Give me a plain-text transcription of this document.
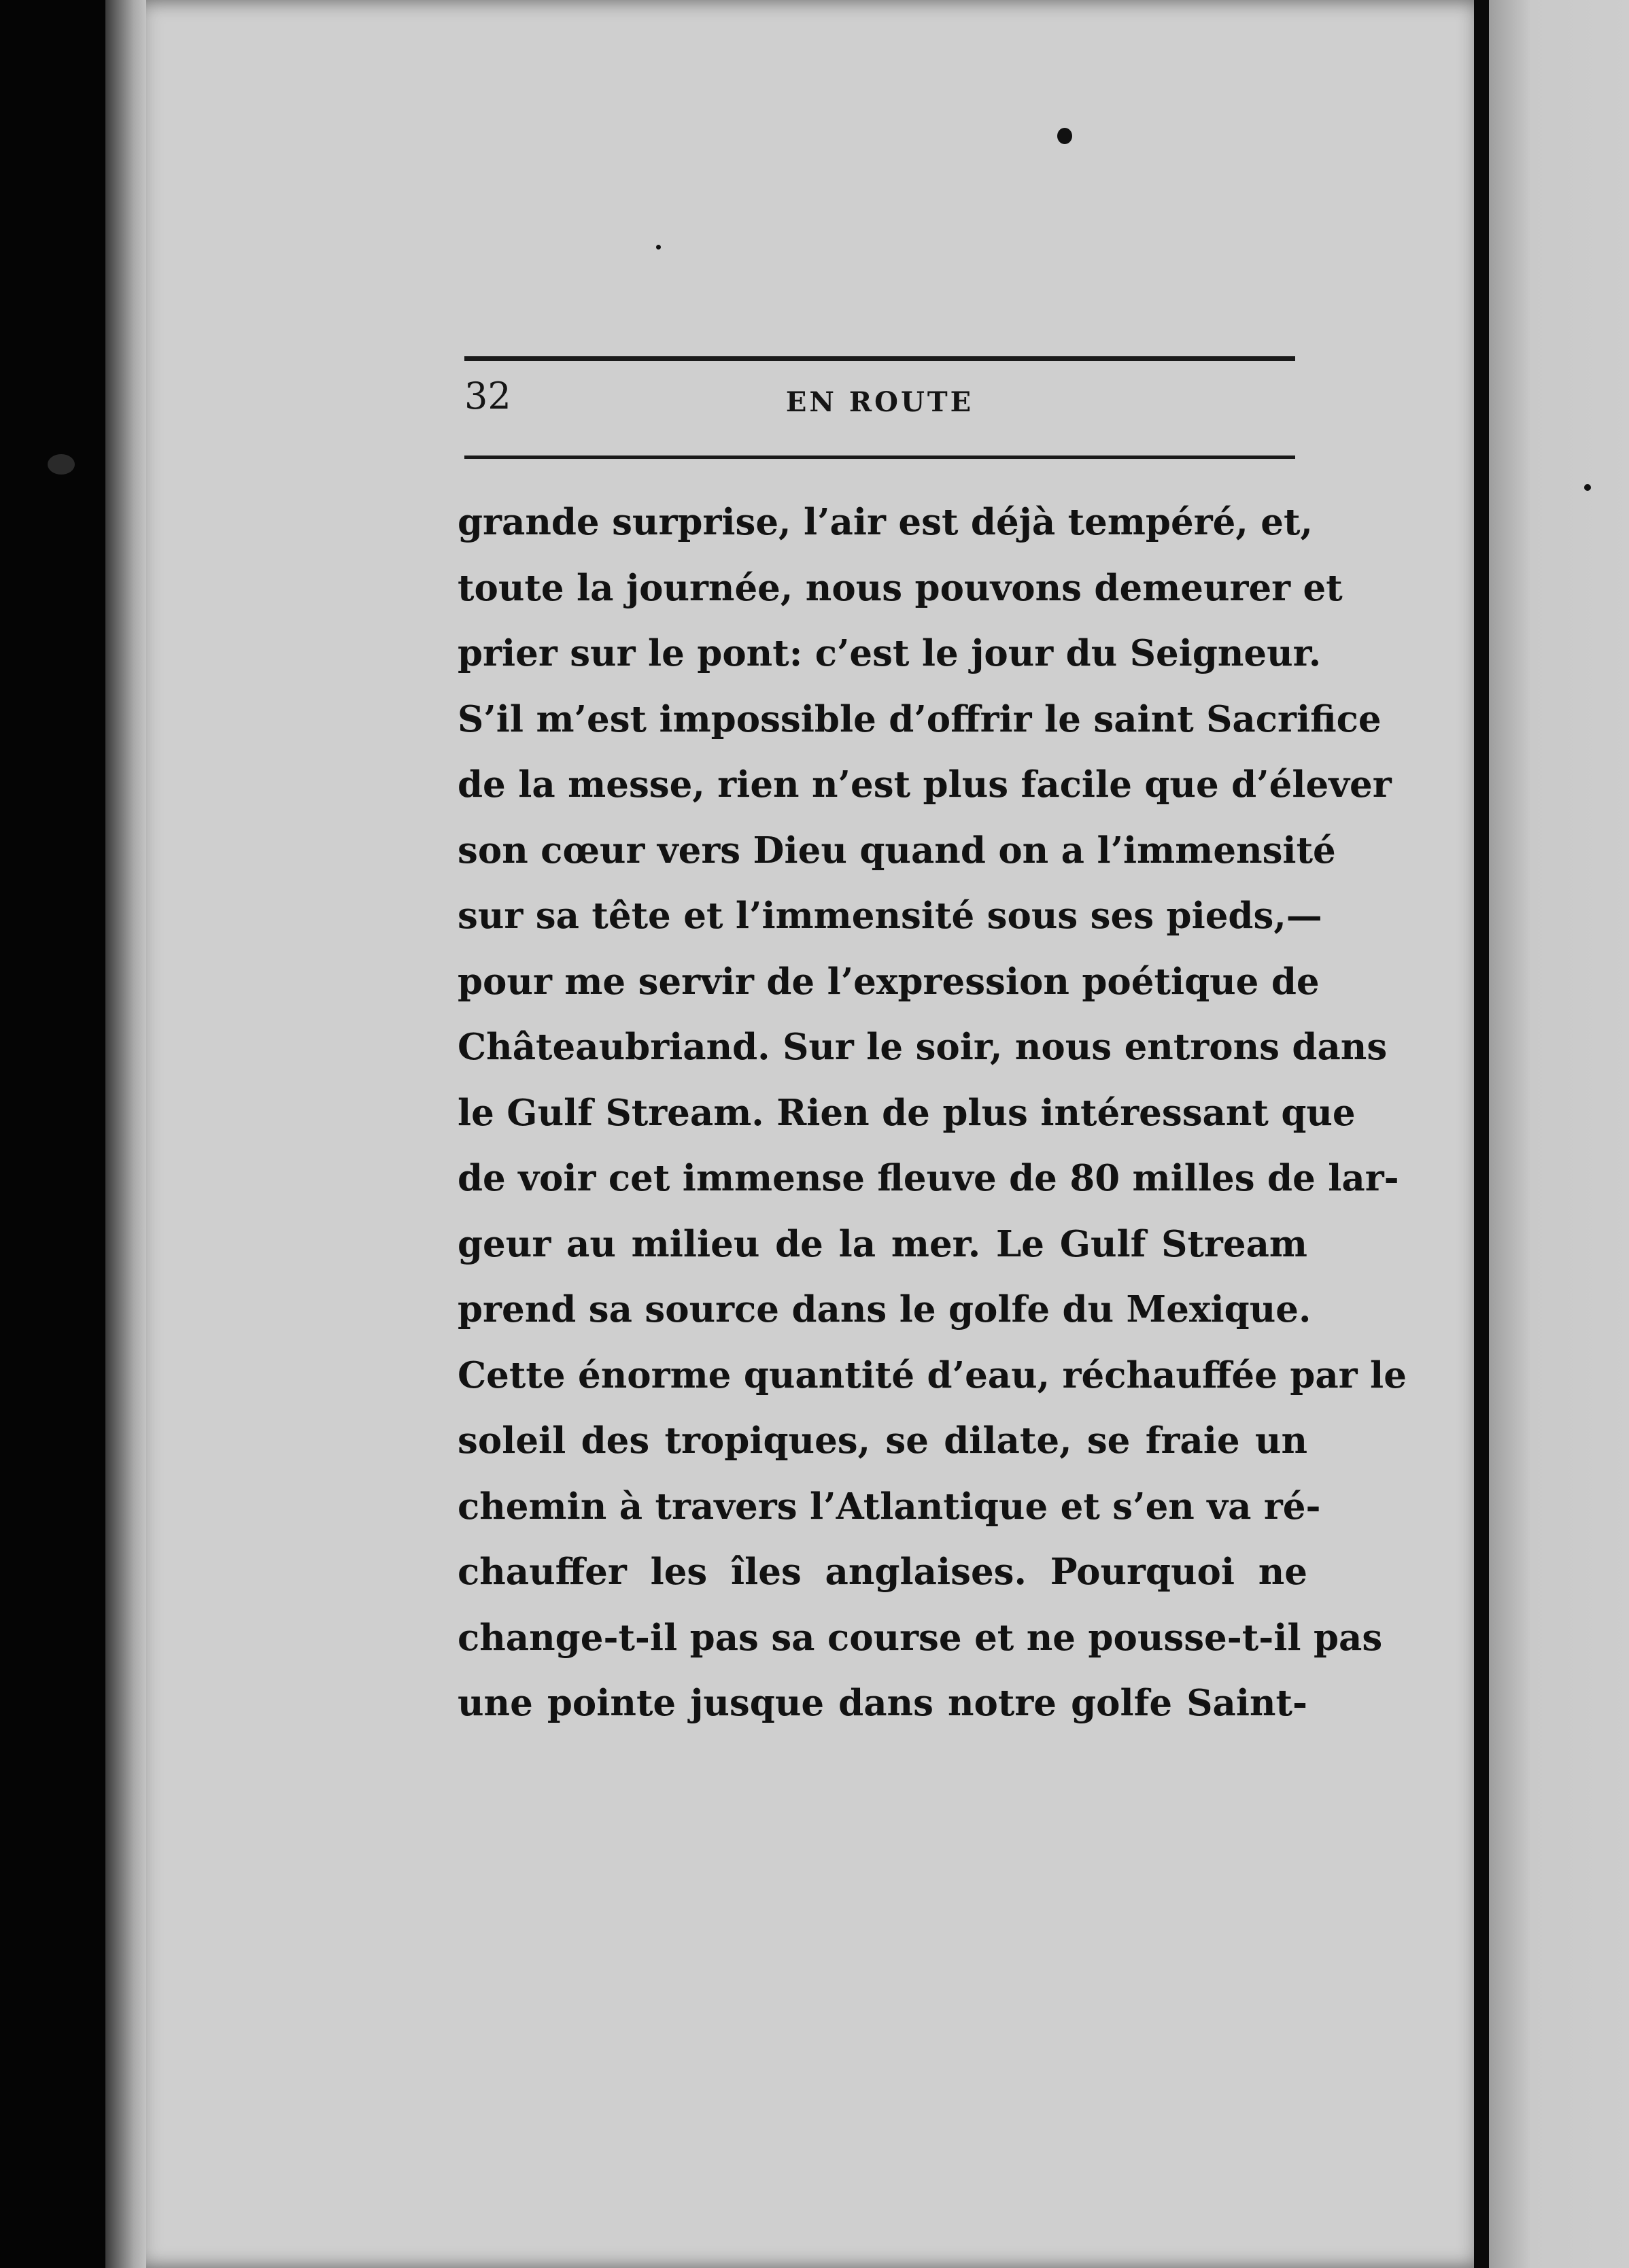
32	EN ROUTE
grande surprise, l’air est déjà tempéré, et,
toute la journée, nous pouvons demeurer et
prier sur le pont: c’est le jour du Seigneur.
S’il m’est impossible d’offrir le saint Sacrifice
de la messe, rien n’est plus facile que d’élever
son cœur vers Dieu quand on a l’immensité
sur sa tête et l’immensité sous ses pieds,—
pour me servir de l’expression poétique de
Châteaubriand. Sur le soir, nous entrons dans
le Gulf Stream. Rien de plus intéressant que
de voir cet immense fleuve de 80 milles de lar-
geur au milieu de la mer. Le Gulf Stream
prend sa source dans le golfe du Mexique.
Cette énorme quantité d’eau, réchauffée par le
soleil des tropiques, se dilate, se fraie un
chemin à travers l’Atlantique et s’en va ré-
chauffer les îles anglaises. Pourquoi ne
change-t-il pas sa course et ne pousse-t-il pas
une pointe jusque dans notre golfe Saint-
